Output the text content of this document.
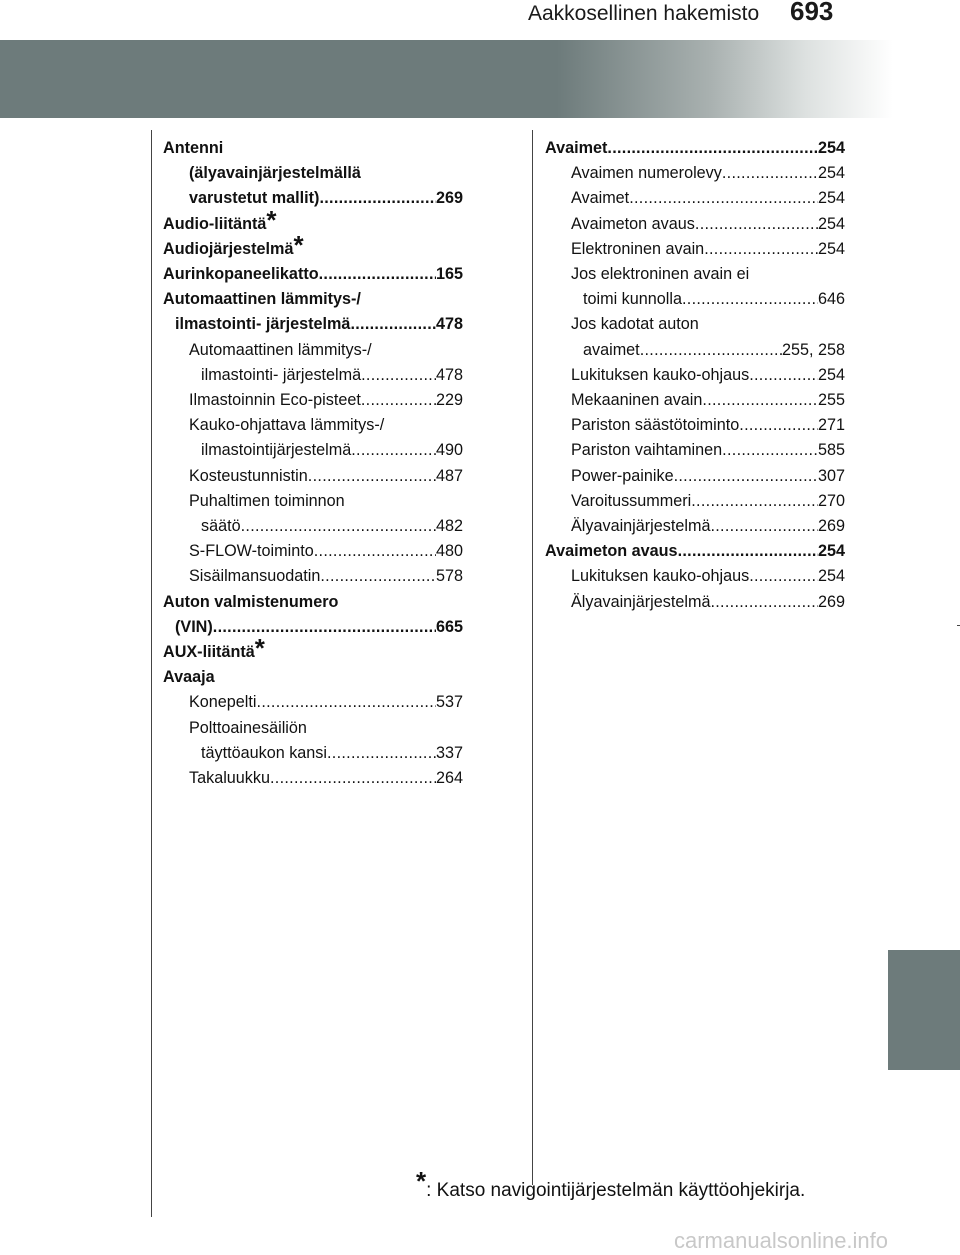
Aakkosellinen hakemisto 693
Antenni
(älyavainjärjestelmällä
varustetut mallit) .....	269
Audio-liitäntä *
Audiojärjestelmä *
Aurinkopaneelikatto .....	165
Automaattinen lämmitys-/
ilmastointi- järjestelmä .....	478
Automaattinen lämmitys-/
ilmastointi- järjestelmä .....	478
Ilmastoinnin Eco-pisteet .....	229
Kauko-ohjattava lämmitys-/
ilmastointijärjestelmä .....	490
Kosteustunnistin .....	487
Puhaltimen toiminnon
säätö .....	482
S-FLOW-toiminto .....	480
Sisäilmansuodatin .....	578
Auton valmistenumero
(VIN) .....	665
AUX-liitäntä *
Avaaja
Konepelti .....	537
Polttoainesäiliön
täyttöaukon kansi .....	337
Takaluukku .....	264
Avaimet .....	254
Avaimen numerolevy .....	254
Avaimet .....	254
Avaimeton avaus .....	254
Elektroninen avain .....	254
Jos elektroninen avain ei
toimi kunnolla .....	646
Jos kadotat auton
avaimet .....	255, 258
Lukituksen kauko-ohjaus .....	254
Mekaaninen avain .....	255
Pariston säästötoiminto .....	271
Pariston vaihtaminen .....	585
Power-painike .....	307
Varoitussummeri .....	270
Älyavainjärjestelmä .....	269
Avaimeton avaus .....	254
Lukituksen kauko-ohjaus .....	254
Älyavainjärjestelmä .....	269
*: Katso navigointijärjestelmän käyttöohjekirja.
carmanualsonline.info
